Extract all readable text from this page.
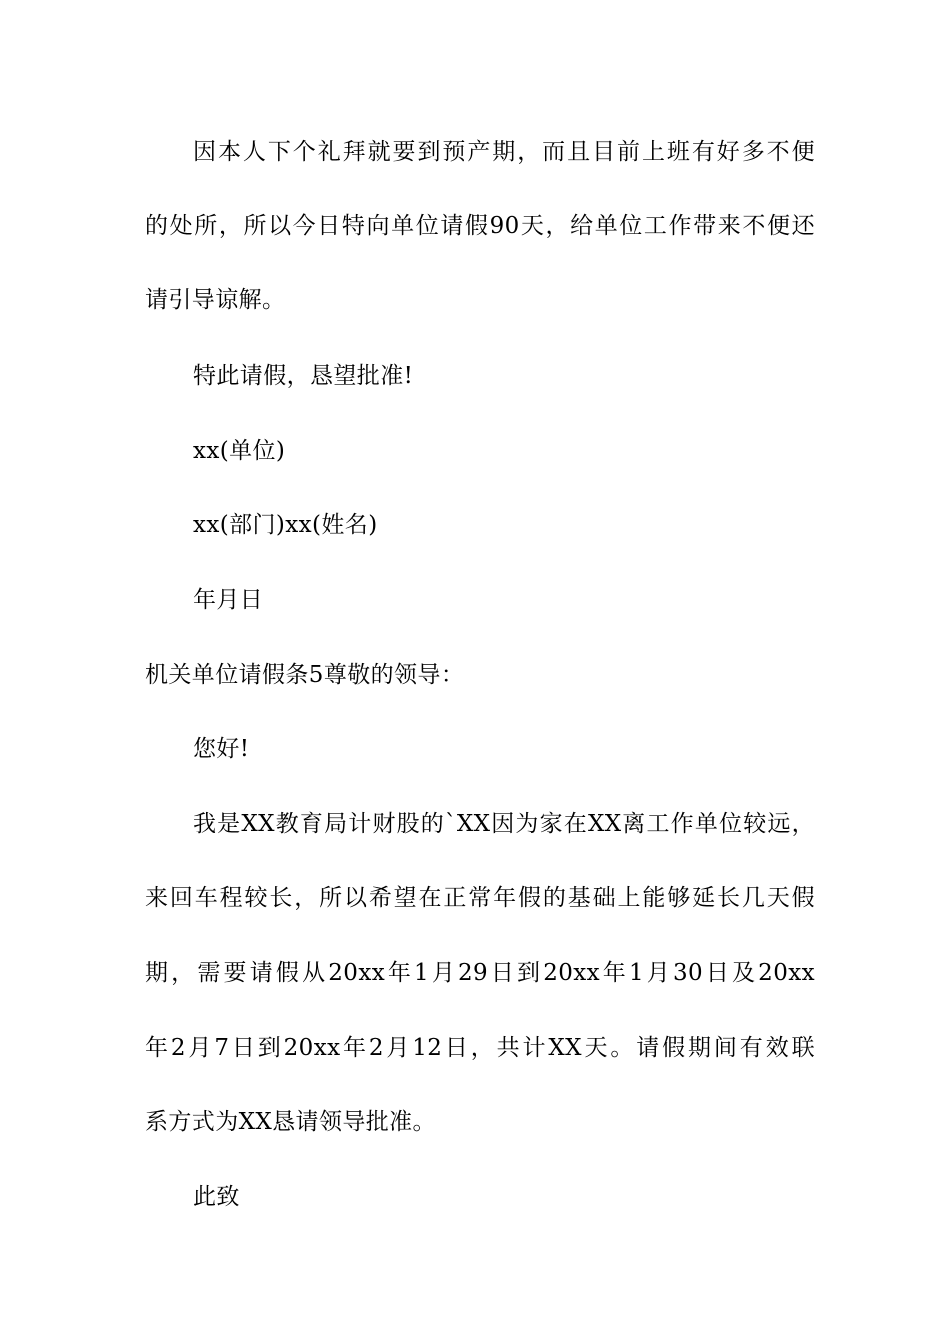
因本人下个礼拜就要到预产期，而且目前上班有好多不便
的处所，所以今日特向单位请假90天，给单位工作带来不便还
请引导谅解。
特此请假，恳望批准!
xx(单位)
xx(部门)xx(姓名)
年月日
机关单位请假条5尊敬的领导：
您好!
我是XX教育局计财股的`XX因为家在XX离工作单位较远，
来回车程较长，所以希望在正常年假的基础上能够延长几天假
期，需要请假从20xx年1月29日到20xx年1月30日及20xx
年2月7日到20xx年2月12日，共计XX天。请假期间有效联
系方式为XX恳请领导批准。
此致
